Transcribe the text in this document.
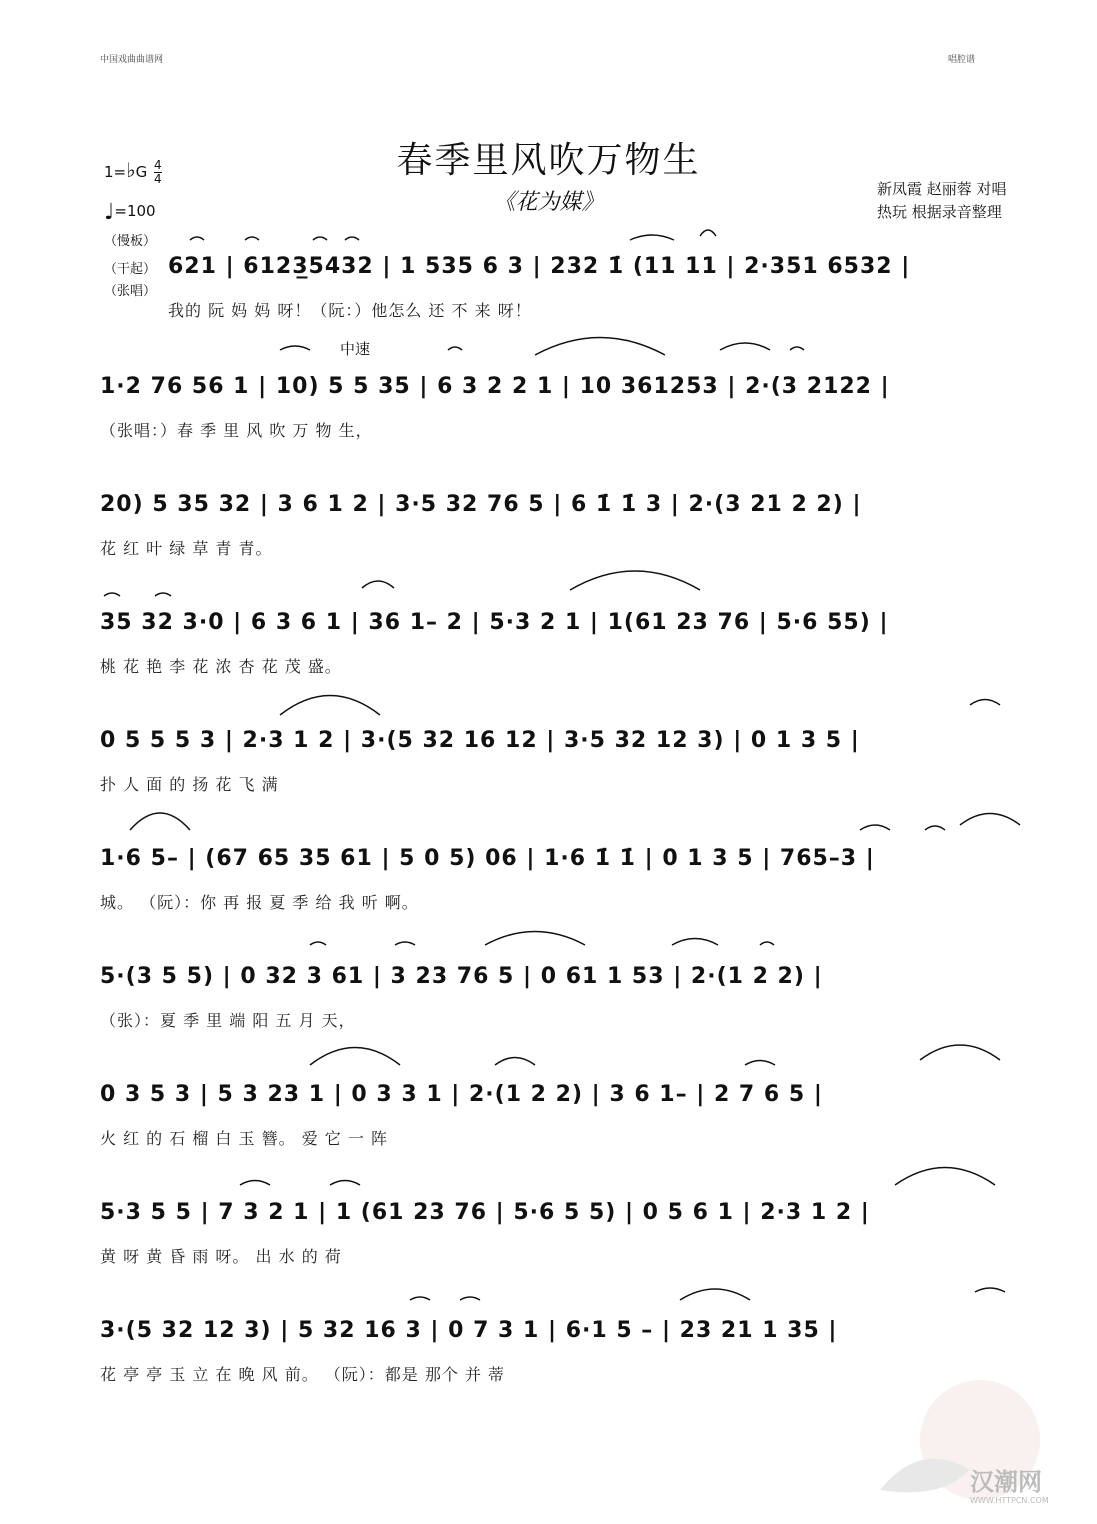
中国戏曲曲谱网	唱腔谱
春季里风吹万物生
《花为媒》
新凤霞 赵丽蓉 对唱
热玩 根据录音整理
1=♭G $\frac{4}{4}$
♩=100
（慢板）
（干起）
（张唱）
中速
621 | 6123̲5432 | 1 535 6 3 | 232 1̇ (11 11 | 2·351 6532 |
我的 阮 妈 妈 呀！（阮：）他怎么 还 不 来 呀！
1·2 76 56 1 | 10) 5 5 35 | 6 3 2 2 1 | 10 361253 | 2·(3 2122 |
（张唱：）春 季 里 风 吹 万 物 生，
20) 5 35 32 | 3 6 1 2 | 3·5 32 76 5 | 6 1̇ 1̇ 3 | 2·(3 21 2 2) |
花 红 叶 绿 草 青 青。
35 32 3·0 | 6 3 6 1 | 36 1– 2 | 5·3 2 1 | 1(61 23 76 | 5·6 55) |
桃 花 艳 李 花 浓 杏 花 茂 盛。
0 5 5 5 3 | 2·3 1 2 | 3·(5 32 16 12 | 3·5 32 12 3) | 0 1 3 5 |
扑 人 面 的 扬 花 飞 满
1·6 5– | (67 65 35 61 | 5 0 5) 06 | 1·6 1̇ 1̇ | 0 1 3 5 | 765–3 |
城。 （阮）：你 再 报 夏 季 给 我 听 啊。
5·(3 5 5) | 0 32 3 61 | 3 23 76 5 | 0 61 1 53 | 2·(1 2 2) |
（张）：夏 季 里 端 阳 五 月 天，
0 3 5 3 | 5 3 23 1 | 0 3 3 1 | 2·(1 2 2) | 3 6 1– | 2 7 6 5 |
火 红 的 石 榴 白 玉 簪。 爱 它 一 阵
5·3 5 5 | 7 3 2 1 | 1 (61 23 76 | 5·6 5 5) | 0 5 6 1 | 2·3 1 2 |
黄 呀 黄 昏 雨 呀。 出 水 的 荷
3·(5 32 12 3) | 5 32 16 3 | 0 7 3 1 | 6·1 5 – | 23 21 1 35 |
花 亭 亭 玉 立 在 晚 风 前。 （阮）：都是 那个 并 蒂
汉潮网
WWW.HTTPCN.COM
